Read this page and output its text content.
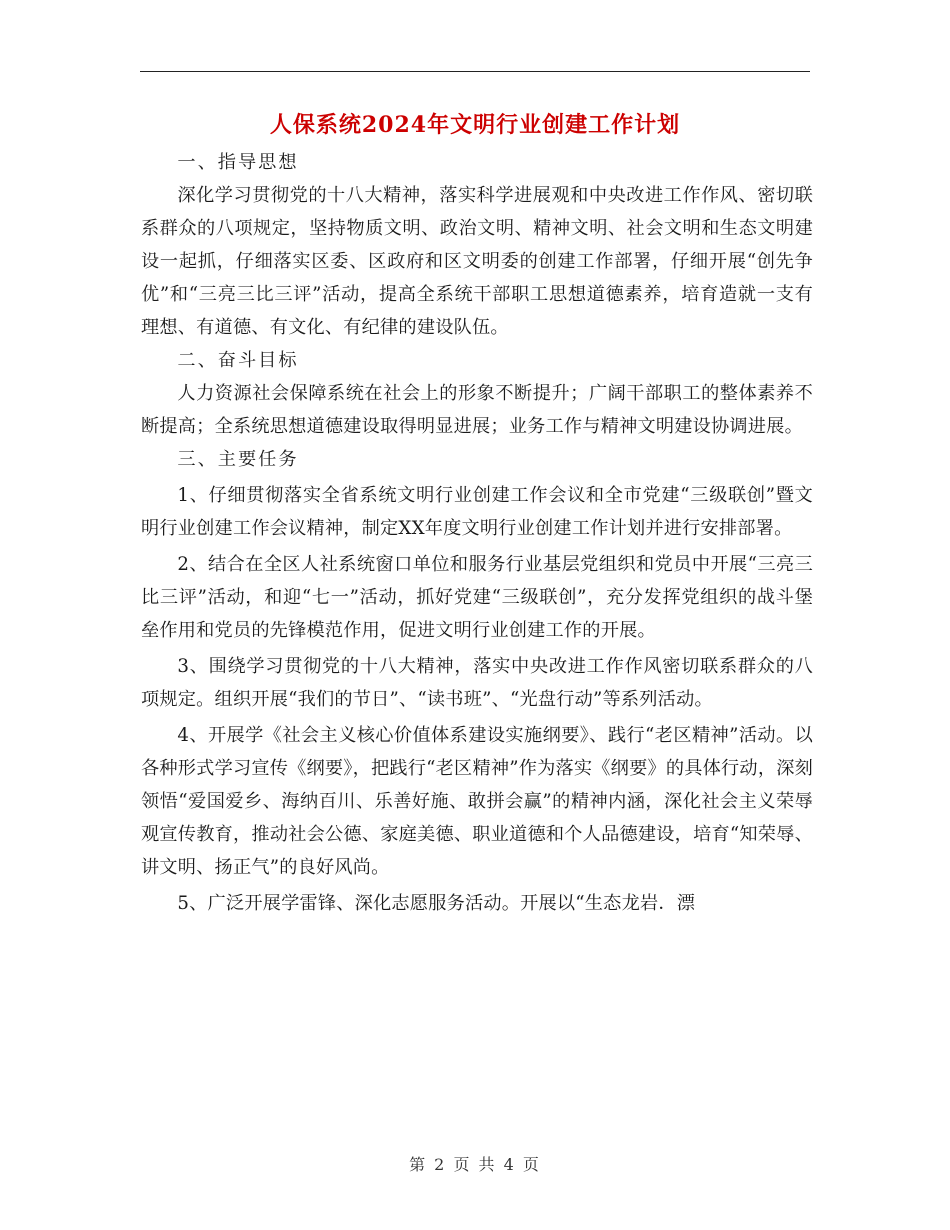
人保系统2024年文明行业创建工作计划

一、指导思想

深化学习贯彻党的十八大精神，落实科学进展观和中央改进工作作风、密切联系群众的八项规定，坚持物质文明、政治文明、精神文明、社会文明和生态文明建设一起抓，仔细落实区委、区政府和区文明委的创建工作部署，仔细开展“创先争优”和“三亮三比三评”活动，提高全系统干部职工思想道德素养，培育造就一支有理想、有道德、有文化、有纪律的建设队伍。

二、奋斗目标

人力资源社会保障系统在社会上的形象不断提升；广阔干部职工的整体素养不断提高；全系统思想道德建设取得明显进展；业务工作与精神文明建设协调进展。

三、主要任务

1、仔细贯彻落实全省系统文明行业创建工作会议和全市党建“三级联创”暨文明行业创建工作会议精神，制定XX年度文明行业创建工作计划并进行安排部署。

2、结合在全区人社系统窗口单位和服务行业基层党组织和党员中开展“三亮三比三评”活动，和迎“七一”活动，抓好党建“三级联创”，充分发挥党组织的战斗堡垒作用和党员的先锋模范作用，促进文明行业创建工作的开展。

3、围绕学习贯彻党的十八大精神，落实中央改进工作作风密切联系群众的八项规定。组织开展“我们的节日”、“读书班”、“光盘行动”等系列活动。

4、开展学《社会主义核心价值体系建设实施纲要》、践行“老区精神”活动。以各种形式学习宣传《纲要》，把践行“老区精神”作为落实《纲要》的具体行动，深刻领悟“爱国爱乡、海纳百川、乐善好施、敢拼会赢”的精神内涵，深化社会主义荣辱观宣传教育，推动社会公德、家庭美德、职业道德和个人品德建设，培育“知荣辱、讲文明、扬正气”的良好风尚。

5、广泛开展学雷锋、深化志愿服务活动。开展以“生态龙岩．漂

第 2 页 共 4 页
